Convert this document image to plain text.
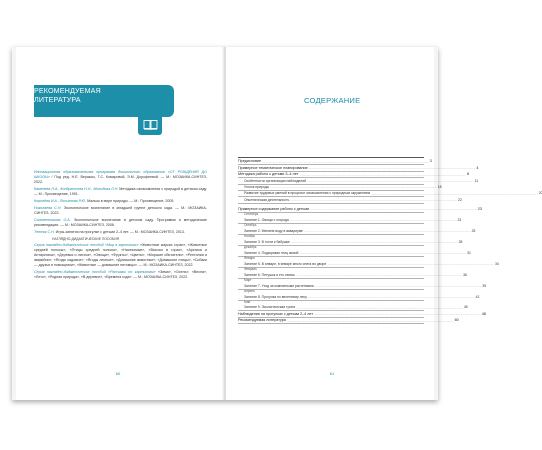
РЕКОМЕНДУЕМАЯ
ЛИТЕРАТУРА
Инновационная образовательная программа дошкольного образования «ОТ РОЖДЕНИЯ ДО ШКОЛЫ» / Под ред. Н.Е. Вераксы, Т.С. Комаровой, Э.М. Дорофеевой. — М.: МОЗАИКА-СИНТЕЗ, 2022.
Каменева Л.А., Кондратьева Н.Н., Молодова Л.Н. Методика ознакомления с природой в детском саду. — М.: Просвещение, 1991.
Королёва И.А., Лосьянова Р.Ю. Малыш в мире природы. — М.: Просвещение, 2005.
Николаева С.Н. Экологическое воспитание в младшей группе детского сада. — М.: МОЗАИКА-СИНТЕЗ, 2022.
Соломенникова О.А. Экологическое воспитание в детском саду. Программа и методические рекомендации. — М.: МОЗАИКА-СИНТЕЗ, 2006.
Теплюк С.Н. Игры-занятия на прогулке с детьми 2–4 лет. — М.: МОЗАИКА-СИНТЕЗ, 2013.
НАГЛЯДНО-ДИДАКТИЧЕСКИЕ ПОСОБИЯ
Серия наглядно-дидактических пособий «Мир в картинках» «Животные жарких стран», «Животные средней полосы», «Птицы средней полосы», «Насекомые», «Высоко в горах», «Арктика и Антарктика», «Деревья и листья», «Овощи», «Фрукты», «Цветы», «Морские обитатели», «Рептилии и амфибии», «Ягоды садовые», «Ягоды лесные», «Домашние животные», «Домашние птицы», «Собаки — друзья и помощники», «Животные — домашние питомцы». — М.: МОЗАИКА-СИНТЕЗ, 2022.
Серия наглядно-дидактических пособий «Рассказы по картинкам» «Зима», «Осень», «Весна», «Лето», «Родная природа», «В деревне», «Времена года». — М.: МОЗАИКА-СИНТЕЗ, 2022.
60
СОДЕРЖАНИЕ
Предисловие ........................................................................................................................................................................................................ 3
Примерное тематическое планирование ........................................................................................................................................................................................................ 4
Методика работы с детьми 3–4 лет ........................................................................................................................................................................................................ 8
Особенности организации наблюдений ........................................................................................................................................................................................................ 11
Уголок природы ........................................................................................................................................................................................................ 18
Развитие трудовых умений в процессе ознакомления с природным окружением ........................................................................................................................................................................................................ 20
Опытническая деятельность ........................................................................................................................................................................................................ 22
Примерное содержание работы с детьми ........................................................................................................................................................................................................ 23
Сентябрь
Занятие 1. Овощи с огорода ........................................................................................................................................................................................................ 23
Октябрь
Занятие 2. Меняем воду в аквариуме ........................................................................................................................................................................................................ 25
Ноябрь
Занятие 3. В гости к бабушке ........................................................................................................................................................................................................ 28
Декабрь
Занятие 4. Подкормим птиц зимой ........................................................................................................................................................................................................ 31
Январь
Занятие 5. В январе, в январе много снега во дворе ........................................................................................................................................................................................................ 34
Февраль
Занятие 6. Петушок и его семья ........................................................................................................................................................................................................ 36
Март
Занятие 7. Уход за комнатными растениями ........................................................................................................................................................................................................ 39
Апрель
Занятие 8. Прогулка по весеннему лесу ........................................................................................................................................................................................................ 42
Май
Занятие 9. Экологическая тропа ........................................................................................................................................................................................................ 45
Наблюдения на прогулках с детьми 2–4 лет ........................................................................................................................................................................................................ 48
Рекомендуемая литература ........................................................................................................................................................................................................ 60
61
